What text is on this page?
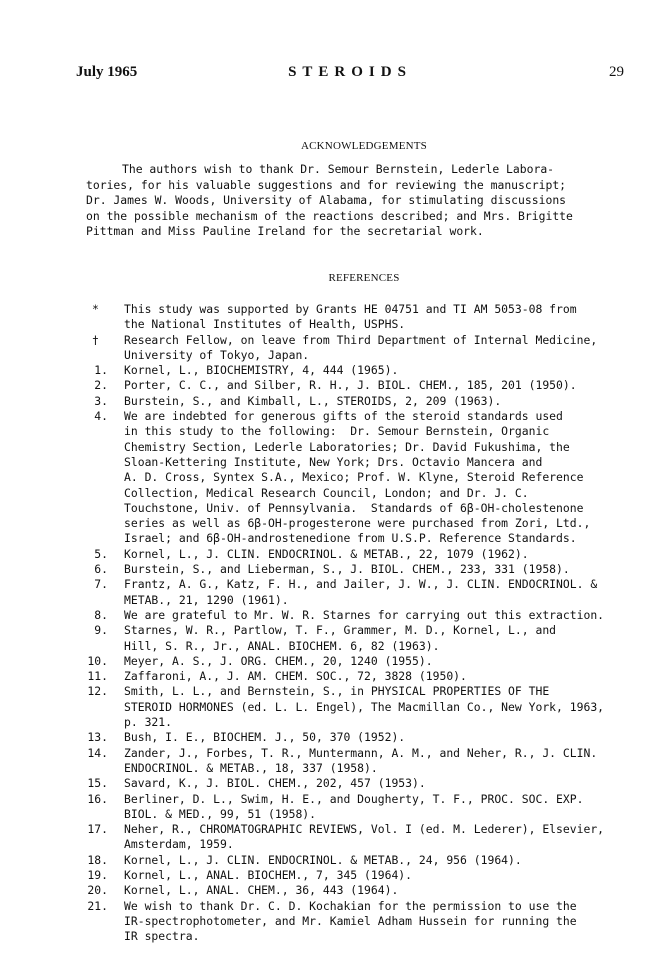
July 1965	STEROIDS	29
ACKNOWLEDGEMENTS
The authors wish to thank Dr. Semour Bernstein, Lederle Labora-
tories, for his valuable suggestions and for reviewing the manuscript;
Dr. James W. Woods, University of Alabama, for stimulating discussions
on the possible mechanism of the reactions described; and Mrs. Brigitte
Pittman and Miss Pauline Ireland for the secretarial work.
REFERENCES
*	This study was supported by Grants HE 04751 and TI AM 5053-08 from
the National Institutes of Health, USPHS.
†	Research Fellow, on leave from Third Department of Internal Medicine,
University of Tokyo, Japan.
1. Kornel, L., BIOCHEMISTRY, 4, 444 (1965).
2. Porter, C. C., and Silber, R. H., J. BIOL. CHEM., 185, 201 (1950).
3. Burstein, S., and Kimball, L., STEROIDS, 2, 209 (1963).
4. We are indebted for generous gifts of the steroid standards used
in this study to the following:  Dr. Semour Bernstein, Organic
Chemistry Section, Lederle Laboratories; Dr. David Fukushima, the
Sloan-Kettering Institute, New York; Drs. Octavio Mancera and
A. D. Cross, Syntex S.A., Mexico; Prof. W. Klyne, Steroid Reference
Collection, Medical Research Council, London; and Dr. J. C.
Touchstone, Univ. of Pennsylvania.  Standards of 6β-OH-cholestenone
series as well as 6β-OH-progesterone were purchased from Zori, Ltd.,
Israel; and 6β-OH-androstenedione from U.S.P. Reference Standards.
5. Kornel, L., J. CLIN. ENDOCRINOL. & METAB., 22, 1079 (1962).
6. Burstein, S., and Lieberman, S., J. BIOL. CHEM., 233, 331 (1958).
7. Frantz, A. G., Katz, F. H., and Jailer, J. W., J. CLIN. ENDOCRINOL. &
METAB., 21, 1290 (1961).
8. We are grateful to Mr. W. R. Starnes for carrying out this extraction.
9. Starnes, W. R., Partlow, T. F., Grammer, M. D., Kornel, L., and
Hill, S. R., Jr., ANAL. BIOCHEM. 6, 82 (1963).
10. Meyer, A. S., J. ORG. CHEM., 20, 1240 (1955).
11. Zaffaroni, A., J. AM. CHEM. SOC., 72, 3828 (1950).
12. Smith, L. L., and Bernstein, S., in PHYSICAL PROPERTIES OF THE
STEROID HORMONES (ed. L. L. Engel), The Macmillan Co., New York, 1963,
p. 321.
13. Bush, I. E., BIOCHEM. J., 50, 370 (1952).
14. Zander, J., Forbes, T. R., Muntermann, A. M., and Neher, R., J. CLIN.
ENDOCRINOL. & METAB., 18, 337 (1958).
15. Savard, K., J. BIOL. CHEM., 202, 457 (1953).
16. Berliner, D. L., Swim, H. E., and Dougherty, T. F., PROC. SOC. EXP.
BIOL. & MED., 99, 51 (1958).
17. Neher, R., CHROMATOGRAPHIC REVIEWS, Vol. I (ed. M. Lederer), Elsevier,
Amsterdam, 1959.
18. Kornel, L., J. CLIN. ENDOCRINOL. & METAB., 24, 956 (1964).
19. Kornel, L., ANAL. BIOCHEM., 7, 345 (1964).
20. Kornel, L., ANAL. CHEM., 36, 443 (1964).
21. We wish to thank Dr. C. D. Kochakian for the permission to use the
IR-spectrophotometer, and Mr. Kamiel Adham Hussein for running the
IR spectra.
